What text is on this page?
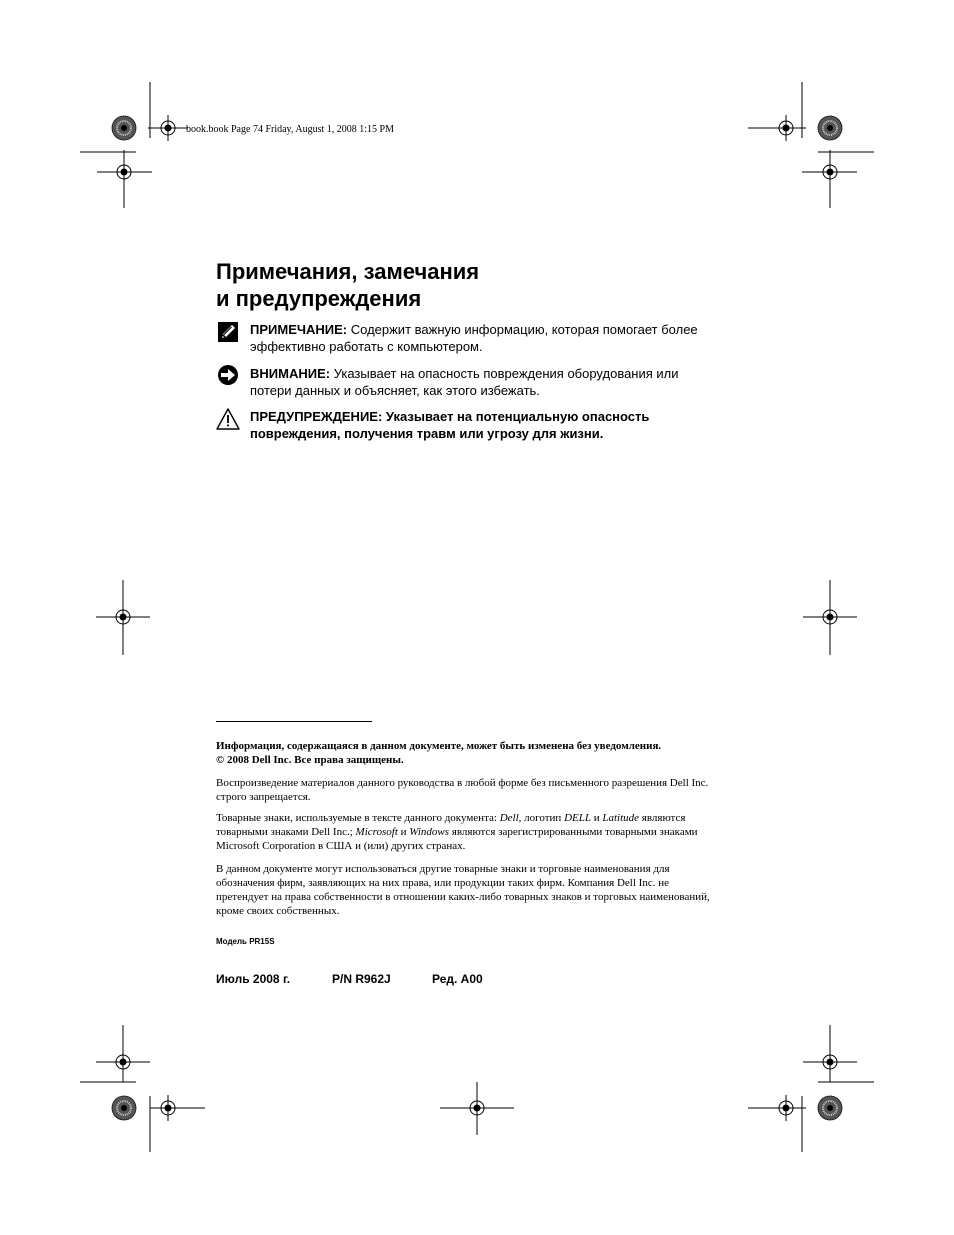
book.book Page 74 Friday, August 1, 2008 1:15 PM
Примечания, замечания
и предупреждения
ПРИМЕЧАНИЕ: Содержит важную информацию, которая помогает более эффективно работать с компьютером.
ВНИМАНИЕ: Указывает на опасность повреждения оборудования или потери данных и объясняет, как этого избежать.
ПРЕДУПРЕЖДЕНИЕ: Указывает на потенциальную опасность повреждения, получения травм или угрозу для жизни.
Информация, содержащаяся в данном документе, может быть изменена без уведомления.
© 2008 Dell Inc. Все права защищены.
Воспроизведение материалов данного руководства в любой форме без письменного разрешения Dell Inc. строго запрещается.
Товарные знаки, используемые в тексте данного документа: Dell, логотип DELL и Latitude являются товарными знаками Dell Inc.; Microsoft и Windows являются зарегистрированными товарными знаками Microsoft Corporation в США и (или) других странах.
В данном документе могут использоваться другие товарные знаки и торговые наименования для обозначения фирм, заявляющих на них права, или продукции таких фирм. Компания Dell Inc. не претендует на права собственности в отношении каких-либо товарных знаков и торговых наименований, кроме своих собственных.
Модель PR15S
Июль 2008 г.	P/N R962J	Ред. A00
